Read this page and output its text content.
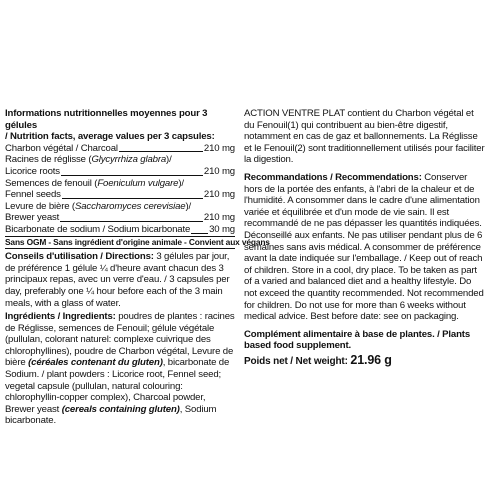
Informations nutritionnelles moyennes pour 3 gélules
/ Nutrition facts, average values per 3 capsules:
Charbon végétal / Charcoal	210 mg
Racines de réglisse (Glycyrrhiza glabra)/
Licorice roots	210 mg
Semences de fenouil (Foeniculum vulgare)/
Fennel seeds	210 mg
Levure de bière (Saccharomyces cerevisiae)/
Brewer yeast	210 mg
Bicarbonate de sodium / Sodium bicarbonate 30 mg
Sans OGM - Sans ingrédient d'origine animale - Convient aux végans
Conseils d'utilisation / Directions: 3 gélules par jour, de préférence 1 gélule ¼ d'heure avant chacun des 3 principaux repas, avec un verre d'eau. / 3 capsules per day, preferably one ¼ hour before each of the 3 main meals, with a glass of water.
Ingrédients / Ingredients: poudres de plantes : racines de Réglisse, semences de Fenouil; gélule végétale (pullulan, colorant naturel: complexe cuivrique des chlorophyllines), poudre de Charbon végétal, Levure de bière (céréales contenant du gluten), bicarbonate de Sodium. / plant powders : Licorice root, Fennel seed; vegetal capsule (pullulan, natural colouring: chlorophyllin-copper complex), Charcoal powder, Brewer yeast (cereals containing gluten), Sodium bicarbonate.
ACTION VENTRE PLAT contient du Charbon végétal et du Fenouil(1) qui contribuent au bien-être digestif, notamment en cas de gaz et ballonnements. La Réglisse et le Fenouil(2) sont traditionnellement utilisés pour faciliter la digestion.
Recommandations / Recommendations: Conserver hors de la portée des enfants, à l'abri de la chaleur et de l'humidité. A consommer dans le cadre d'une alimentation variée et équilibrée et d'un mode de vie sain. Il est recommandé de ne pas dépasser les quantités indiquées. Déconseillé aux enfants. Ne pas utiliser pendant plus de 6 semaines sans avis médical. A consommer de préférence avant la date indiquée sur l'emballage. / Keep out of reach of children. Store in a cool, dry place. To be taken as part of a varied and balanced diet and a healthy lifestyle. Do not exceed the quantity recommended. Not recommended for children. Do not use for more than 6 weeks without medical advice. Best before date: see on packaging.
Complément alimentaire à base de plantes. / Plants based food supplement.
Poids net / Net weight: 21.96 g
